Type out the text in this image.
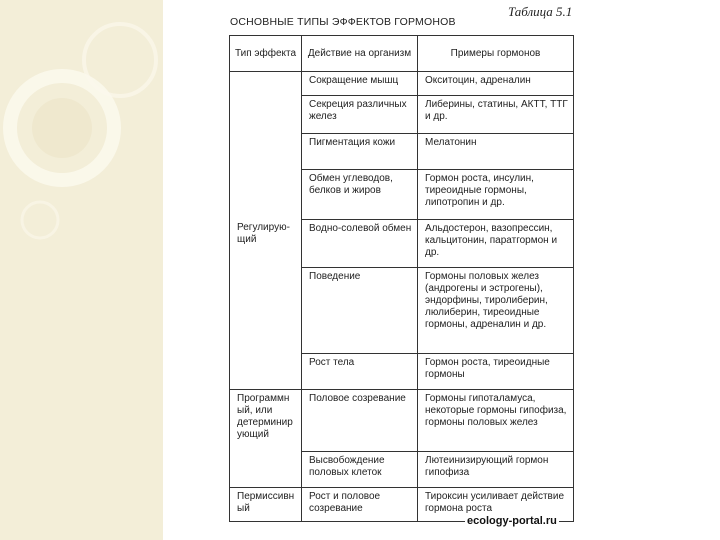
Таблица 5.1
ОСНОВНЫЕ ТИПЫ ЭФФЕКТОВ ГОРМОНОВ
Тип эффекта	Действие на организм	Примеры гормонов
Регулирую-щий	Сокращение мышц	Окситоцин, адреналин
	Секреция различных желез	Либерины, статины, АКТТ, ТТГ и др.
	Пигментация кожи	Мелатонин
	Обмен углеводов, белков и жиров	Гормон роста, инсулин, тиреоидные гормоны, липотропин и др.
	Водно-солевой обмен	Альдостерон, вазопрессин, кальцитонин, паратгормон и др.
	Поведение	Гормоны половых желез (андрогены и эстрогены), эндорфины, тиролиберин, люлиберин, тиреоидные гормоны, адреналин и др.
	Рост тела	Гормон роста, тиреоидные гормоны
Программный, или детерминирующий	Половое созревание	Гормоны гипоталамуса, некоторые гормоны гипофиза, гормоны половых желез
	Высвобождение половых клеток	Лютеинизирующий гормон гипофиза
Пермиссивный	Рост и половое созревание	Тироксин усиливает действие гормона роста
ecology-portal.ru
